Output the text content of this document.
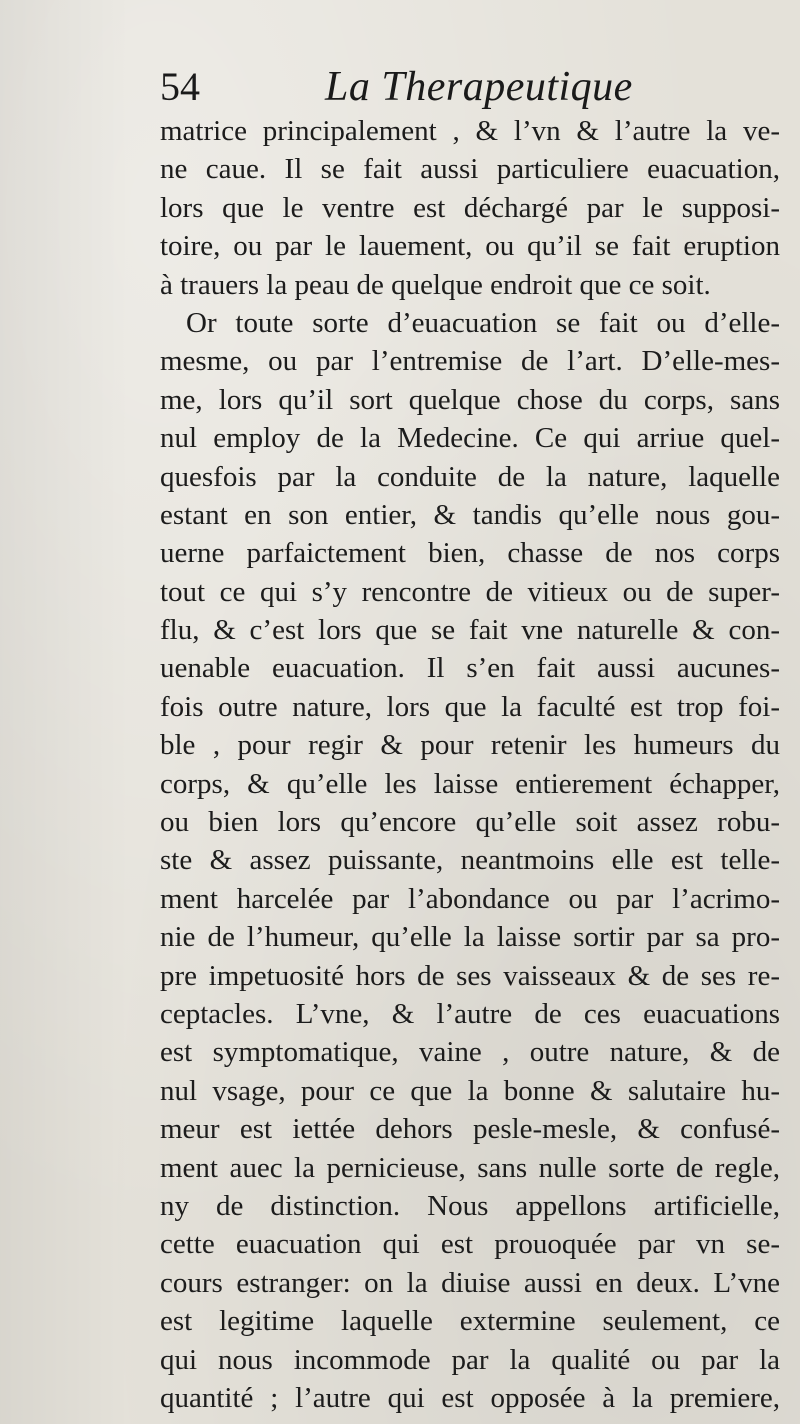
54	La Therapeutique
matrice principalement , & l’vn & l’autre la ve-
ne caue. Il se fait aussi particuliere euacuation,
lors que le ventre est déchargé par le supposi-
toire, ou par le lauement, ou qu’il se fait eruption
à trauers la peau de quelque endroit que ce soit.
Or toute sorte d’euacuation se fait ou d’elle-
mesme, ou par l’entremise de l’art. D’elle-mes-
me, lors qu’il sort quelque chose du corps, sans
nul employ de la Medecine. Ce qui arriue quel-
quesfois par la conduite de la nature, laquelle
estant en son entier, & tandis qu’elle nous gou-
uerne parfaictement bien, chasse de nos corps
tout ce qui s’y rencontre de vitieux ou de super-
flu, & c’est lors que se fait vne naturelle & con-
uenable euacuation. Il s’en fait aussi aucunes-
fois outre nature, lors que la faculté est trop foi-
ble , pour regir & pour retenir les humeurs du
corps, & qu’elle les laisse entierement échapper,
ou bien lors qu’encore qu’elle soit assez robu-
ste & assez puissante, neantmoins elle est telle-
ment harcelée par l’abondance ou par l’acrimo-
nie de l’humeur, qu’elle la laisse sortir par sa pro-
pre impetuosité hors de ses vaisseaux & de ses re-
ceptacles. L’vne, & l’autre de ces euacuations
est symptomatique, vaine , outre nature, & de
nul vsage, pour ce que la bonne & salutaire hu-
meur est iettée dehors pesle-mesle, & confusé-
ment auec la pernicieuse, sans nulle sorte de regle,
ny de distinction. Nous appellons artificielle,
cette euacuation qui est prouoquée par vn se-
cours estranger: on la diuise aussi en deux. L’vne
est legitime laquelle extermine seulement, ce
qui nous incommode par la qualité ou par la
quantité ; l’autre qui est opposée à la premiere,
